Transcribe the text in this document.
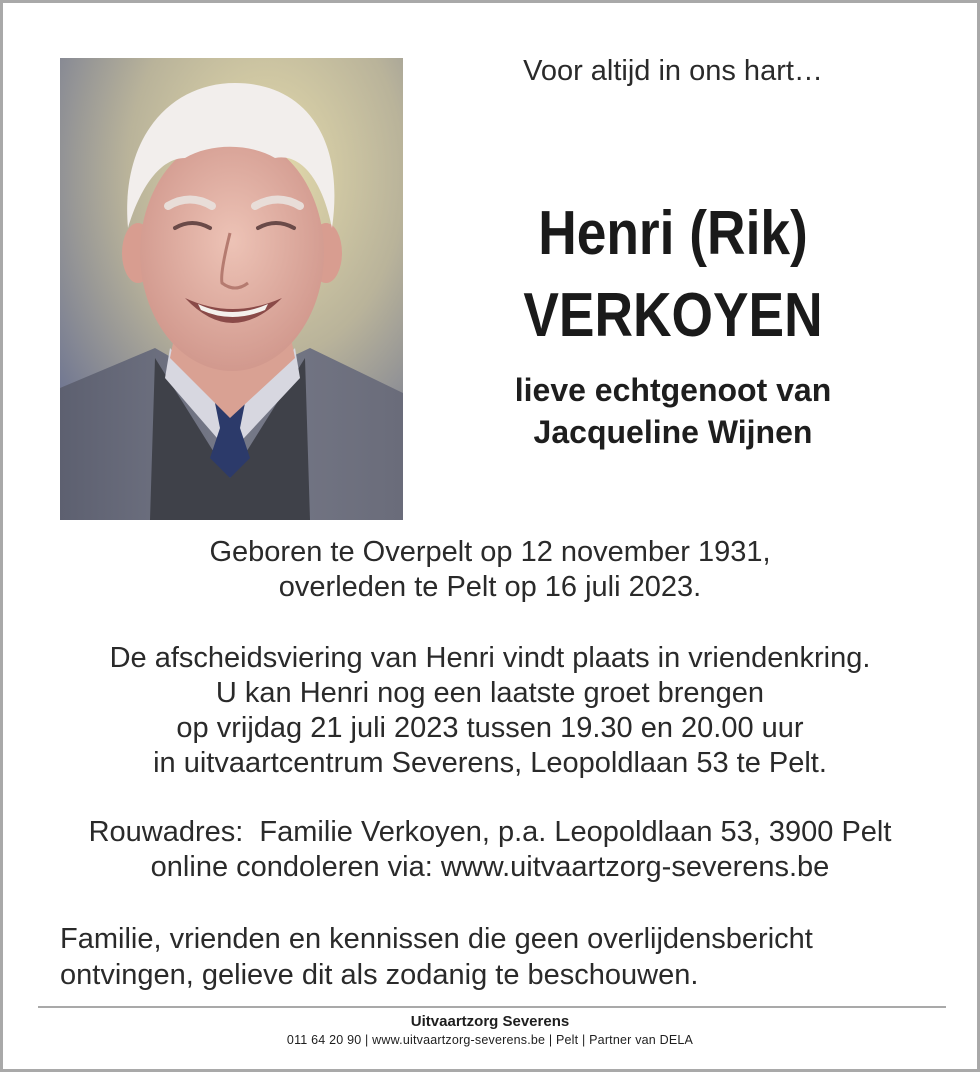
Voor altijd in ons hart…
Henri (Rik)
VERKOYEN
lieve echtgenoot van
Jacqueline Wijnen
Geboren te Overpelt op 12 november 1931,
overleden te Pelt op 16 juli 2023.
De afscheidsviering van Henri vindt plaats in vriendenkring.
U kan Henri nog een laatste groet brengen
op vrijdag 21 juli 2023 tussen 19.30 en 20.00 uur
in uitvaartcentrum Severens, Leopoldlaan 53 te Pelt.
Rouwadres:  Familie Verkoyen, p.a. Leopoldlaan 53, 3900 Pelt
online condoleren via: www.uitvaartzorg-severens.be
Familie, vrienden en kennissen die geen overlijdensbericht
ontvingen, gelieve dit als zodanig te beschouwen.
Uitvaartzorg Severens
011 64 20 90 | www.uitvaartzorg-severens.be | Pelt | Partner van DELA
